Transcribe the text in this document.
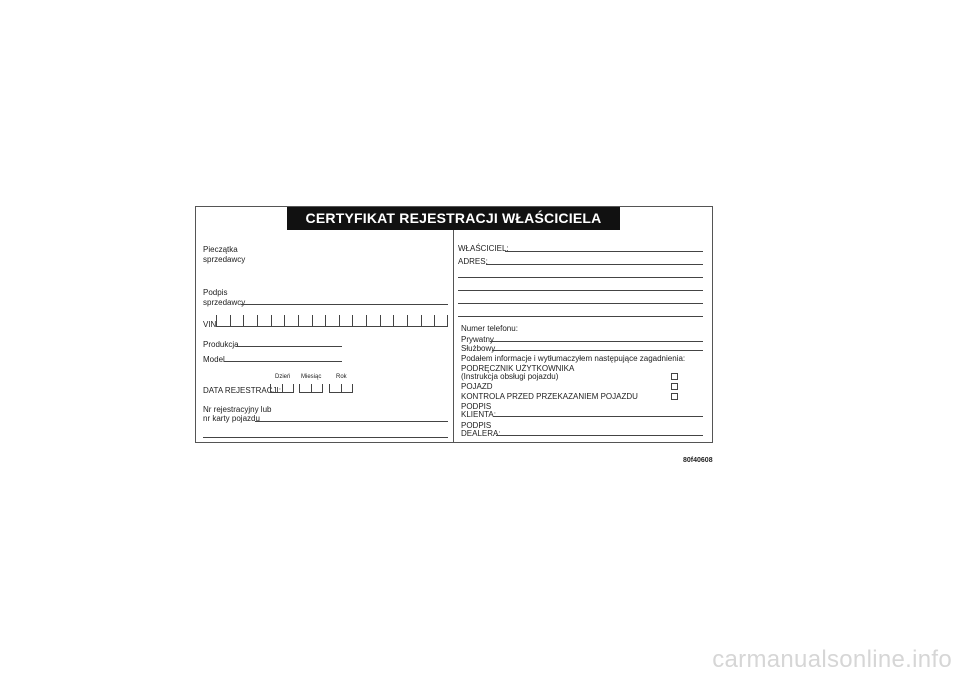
CERTYFIKAT REJESTRACJI WŁAŚCICIELA
Pieczątka
sprzedawcy
Podpis
sprzedawcy
VIN
Produkcja
Model
Dzień Miesiąc Rok
DATA REJESTRACJI:
Nr rejestracyjny lub
nr karty pojazdu
WŁAŚCICIEL:
ADRES:
Numer telefonu:
Prywatny
Służbowy
Podałem informacje i wytłumaczyłem następujące zagadnienia:
PODRĘCZNIK UŻYTKOWNIKA
(Instrukcja obsługi pojazdu)
POJAZD
KONTROLA PRZED PRZEKAZANIEM POJAZDU
PODPIS
KLIENTA:
PODPIS
DEALERA:
80f40608
carmanualsonline.info
